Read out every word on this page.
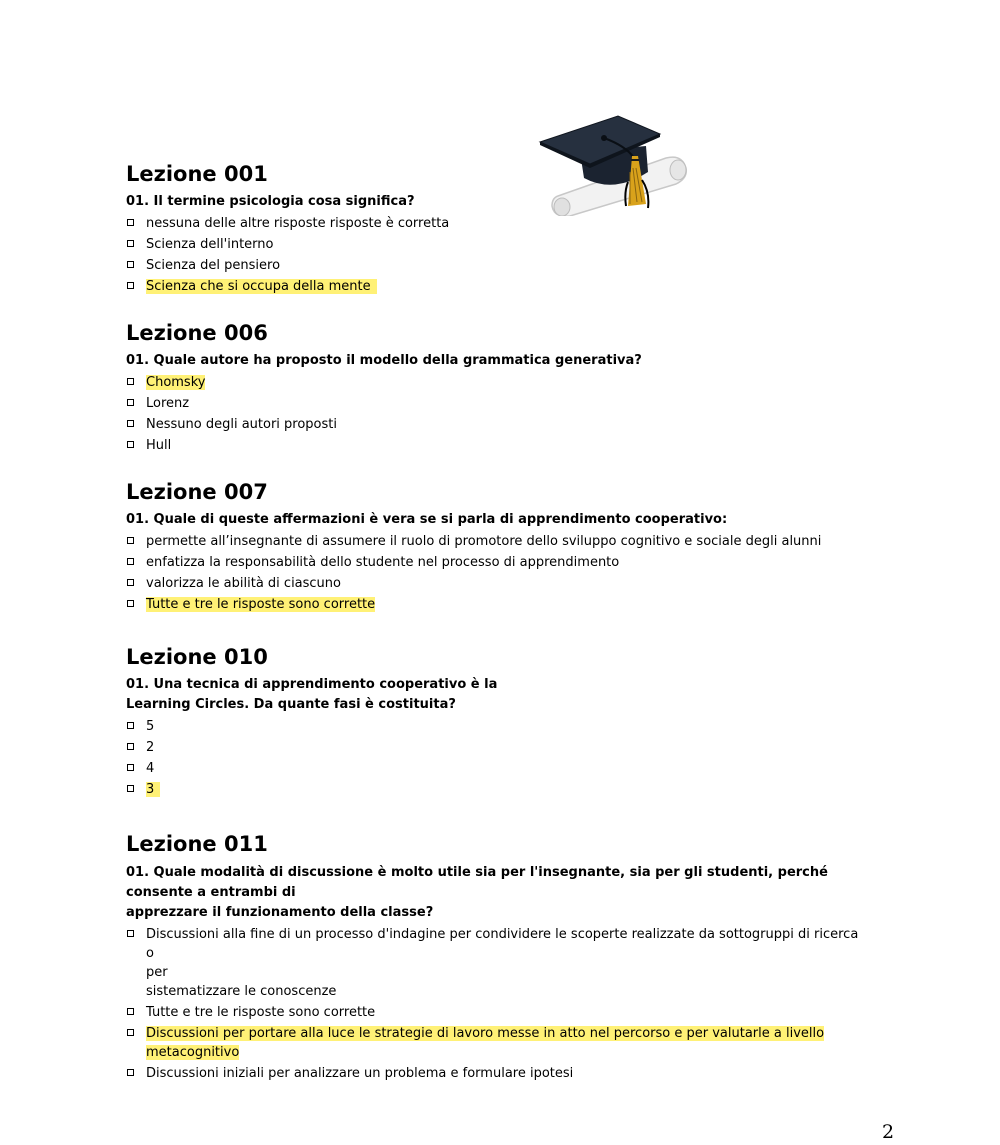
Lezione 001
01. Il termine psicologia cosa significa?
nessuna delle altre risposte risposte è corretta
Scienza dell'interno
Scienza del pensiero
Scienza che si occupa della mente
Lezione 006
01. Quale autore ha proposto il modello della grammatica generativa?
Chomsky
Lorenz
Nessuno degli autori proposti
Hull
Lezione 007
01. Quale di queste affermazioni è vera se si parla di apprendimento cooperativo:
permette all’insegnante di assumere il ruolo di promotore dello sviluppo cognitivo e sociale degli alunni
enfatizza la responsabilità dello studente nel processo di apprendimento
valorizza le abilità di ciascuno
Tutte e tre le risposte sono corrette
Lezione 010
01. Una tecnica di apprendimento cooperativo è la
Learning Circles. Da quante fasi è costituita?
5
2
4
3
Lezione 011
01. Quale modalità di discussione è molto utile sia per l'insegnante, sia per gli studenti, perché
consente a entrambi di
apprezzare il funzionamento della classe?
Discussioni alla fine di un processo d'indagine per condividere le scoperte realizzate da sottogruppi di ricerca o
per
sistematizzare le conoscenze
Tutte e tre le risposte sono corrette
Discussioni per portare alla luce le strategie di lavoro messe in atto nel percorso e per valutarle a livello
metacognitivo
Discussioni iniziali per analizzare un problema e formulare ipotesi
2
